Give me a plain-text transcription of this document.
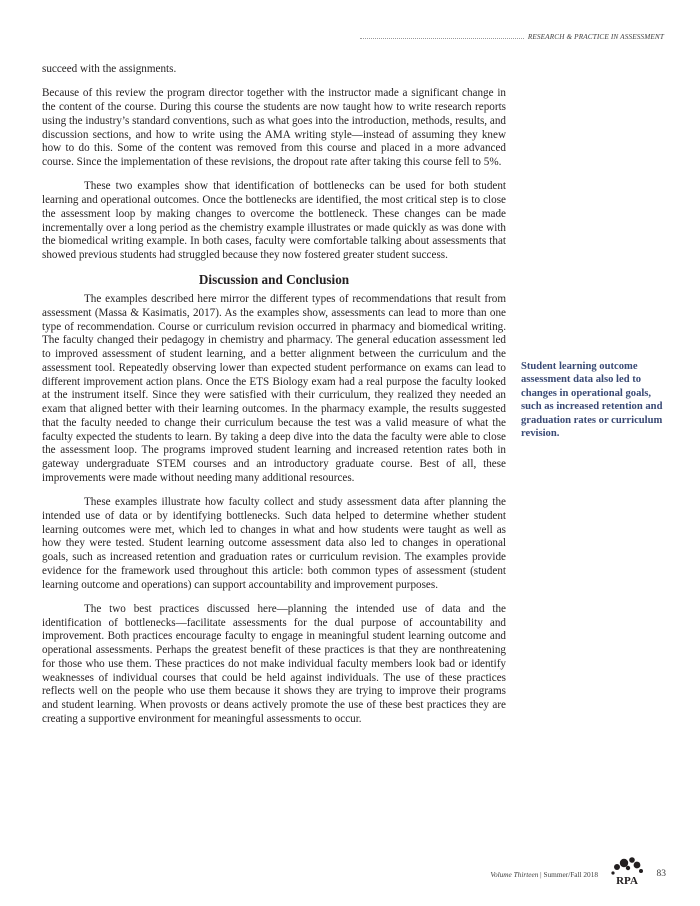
RESEARCH & PRACTICE IN ASSESSMENT

succeed with the assignments.

Because of this review the program director together with the instructor made a significant change in the content of the course. During this course the students are now taught how to write research reports using the industry’s standard conventions, such as what goes into the introduction, methods, results, and discussion sections, and how to write using the AMA writing style—instead of assuming they knew how to do this. Some of the content was removed from this course and placed in a more advanced course. Since the implementation of these revisions, the dropout rate after taking this course fell to 5%.

These two examples show that identification of bottlenecks can be used for both student learning and operational outcomes. Once the bottlenecks are identified, the most critical step is to close the assessment loop by making changes to overcome the bottleneck. These changes can be made incrementally over a long period as the chemistry example illustrates or made quickly as was done with the biomedical writing example. In both cases, faculty were comfortable talking about assessments that showed previous students had struggled because they now fostered greater student success.

Discussion and Conclusion

The examples described here mirror the different types of recommendations that result from assessment (Massa & Kasimatis, 2017). As the examples show, assessments can lead to more than one type of recommendation. Course or curriculum revision occurred in pharmacy and biomedical writing. The faculty changed their pedagogy in chemistry and pharmacy. The general education assessment led to improved assessment of student learning, and a better alignment between the curriculum and the assessment tool. Repeatedly observing lower than expected student performance on exams can lead to different improvement action plans. Once the ETS Biology exam had a real purpose the faculty looked at the instrument itself. Since they were satisfied with their curriculum, they realized they needed an exam that aligned better with their learning outcomes. In the pharmacy example, the results suggested that the faculty needed to change their curriculum because the test was a valid measure of what the faculty expected the students to learn. By taking a deep dive into the data the faculty were able to close the assessment loop. The programs improved student learning and increased retention rates both in gateway undergraduate STEM courses and an introductory graduate course. Best of all, these improvements were made without needing many additional resources.

These examples illustrate how faculty collect and study assessment data after planning the intended use of data or by identifying bottlenecks. Such data helped to determine whether student learning outcomes were met, which led to changes in what and how students were taught as well as how they were tested. Student learning outcome assessment data also led to changes in operational goals, such as increased retention and graduation rates or curriculum revision. The examples provide evidence for the framework used throughout this article: both common types of assessment (student learning outcome and operations) can support accountability and improvement purposes.

The two best practices discussed here—planning the intended use of data and the identification of bottlenecks—facilitate assessments for the dual purpose of accountability and improvement. Both practices encourage faculty to engage in meaningful student learning outcome and operational assessments. Perhaps the greatest benefit of these practices is that they are nonthreatening for those who use them. These practices do not make individual faculty members look bad or identify weaknesses of individual courses that could be held against individuals. The use of these practices reflects well on the people who use them because it shows they are trying to improve their programs and student learning. When provosts or deans actively promote the use of these best practices they are creating a supportive environment for meaningful assessments to occur.

Student learning outcome assessment data also led to changes in operational goals, such as increased retention and graduation rates or curriculum revision.
Volume Thirteen | Summer/Fall 2018
RPA
83
